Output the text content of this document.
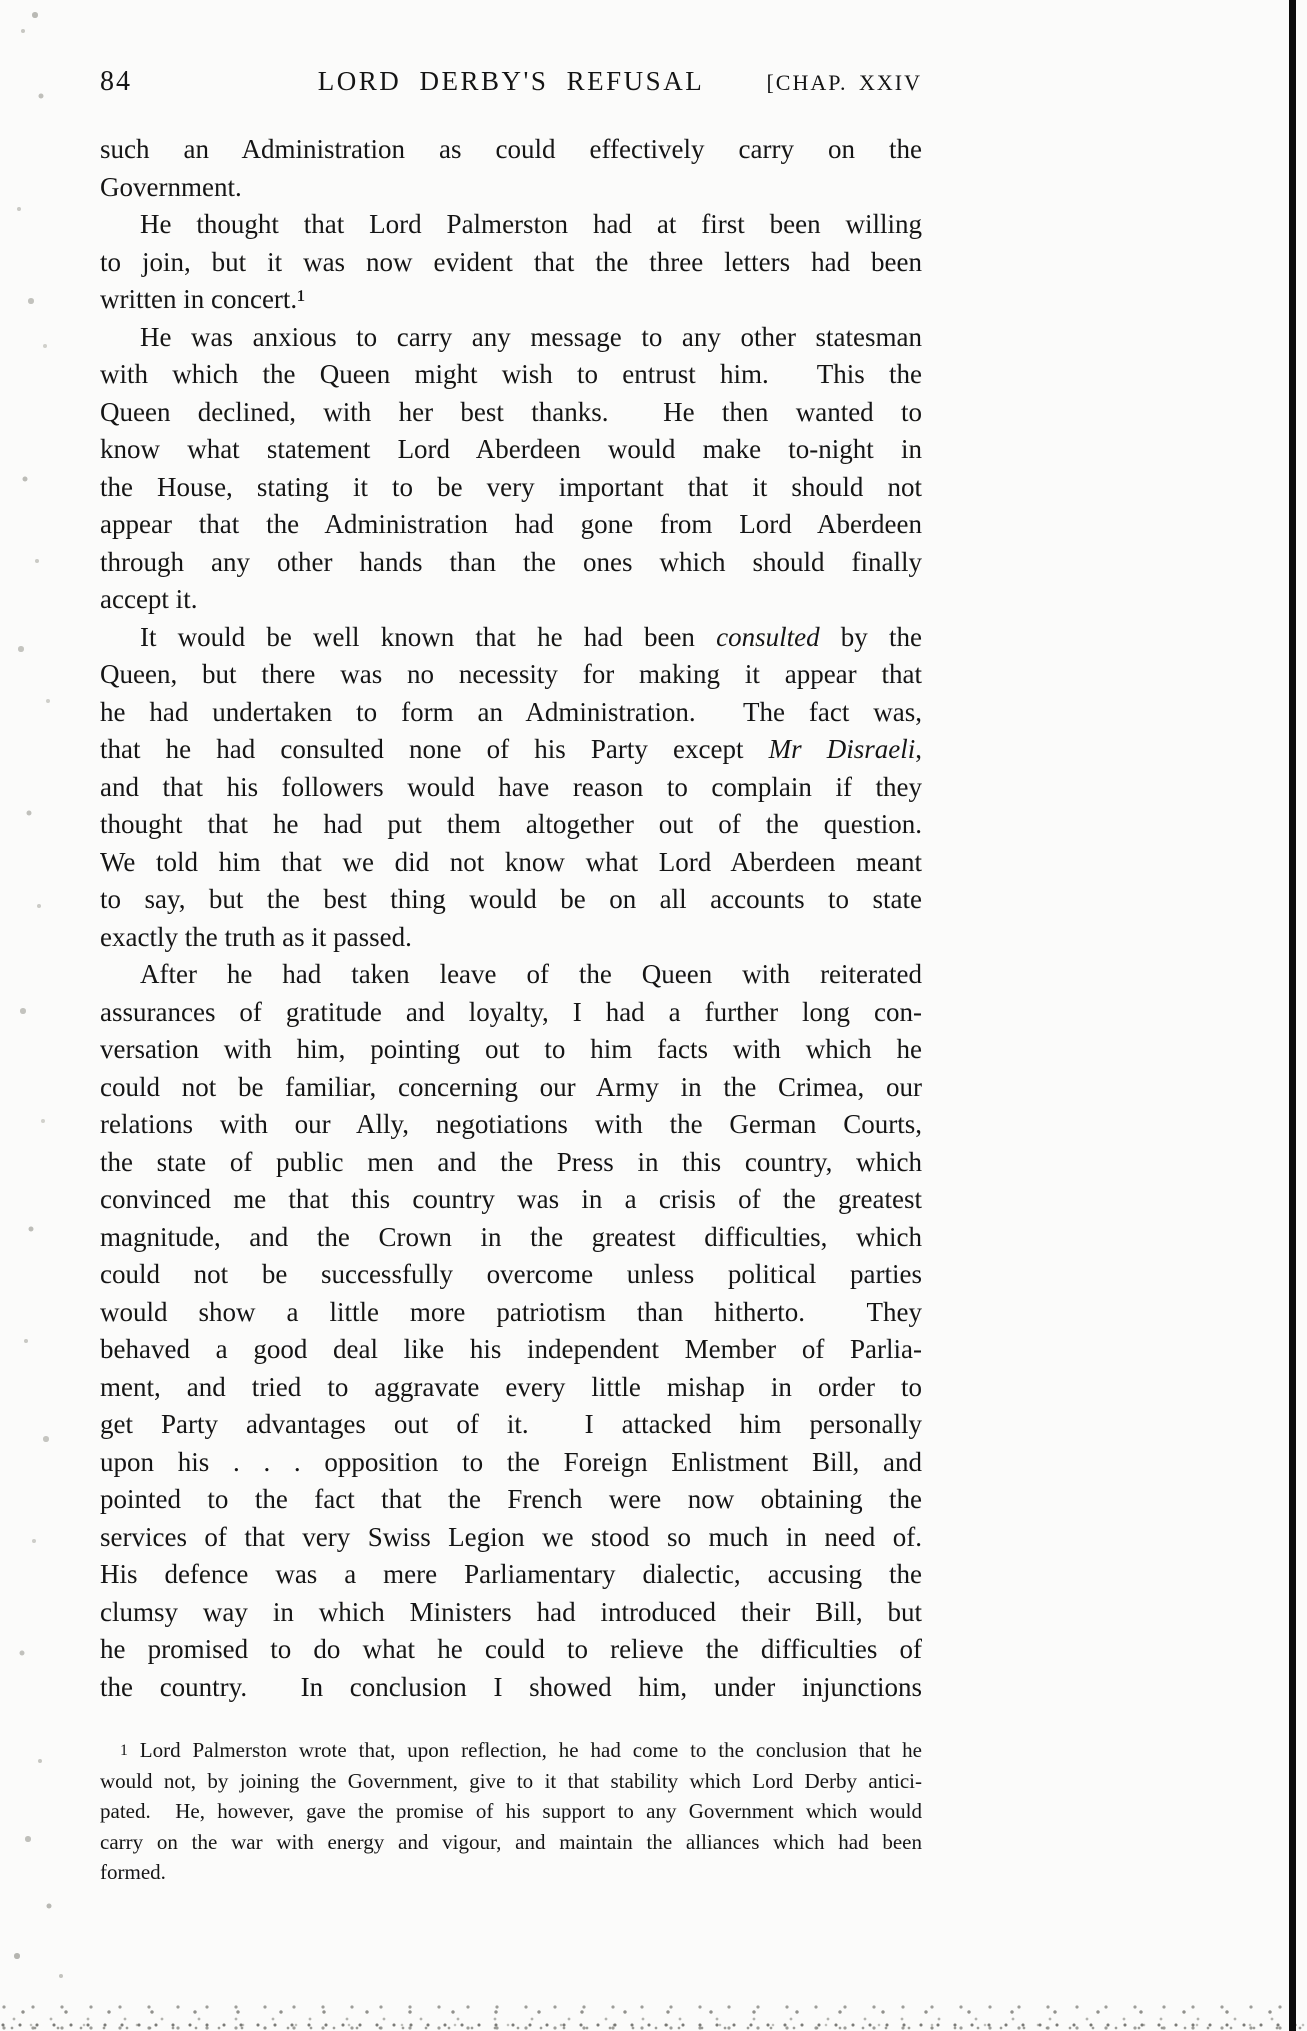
84	LORD DERBY'S REFUSAL	[CHAP. XXIV
such an Administration as could effectively carry on the
Government.
He thought that Lord Palmerston had at first been willing
to join, but it was now evident that the three letters had been
written in concert.¹
He was anxious to carry any message to any other statesman
with which the Queen might wish to entrust him.  This the
Queen declined, with her best thanks.  He then wanted to
know what statement Lord Aberdeen would make to-night in
the House, stating it to be very important that it should not
appear that the Administration had gone from Lord Aberdeen
through any other hands than the ones which should finally
accept it.
It would be well known that he had been consulted by the
Queen, but there was no necessity for making it appear that
he had undertaken to form an Administration.  The fact was,
that he had consulted none of his Party except Mr Disraeli,
and that his followers would have reason to complain if they
thought that he had put them altogether out of the question.
We told him that we did not know what Lord Aberdeen meant
to say, but the best thing would be on all accounts to state
exactly the truth as it passed.
After he had taken leave of the Queen with reiterated
assurances of gratitude and loyalty, I had a further long con-
versation with him, pointing out to him facts with which he
could not be familiar, concerning our Army in the Crimea, our
relations with our Ally, negotiations with the German Courts,
the state of public men and the Press in this country, which
convinced me that this country was in a crisis of the greatest
magnitude, and the Crown in the greatest difficulties, which
could not be successfully overcome unless political parties
would show a little more patriotism than hitherto.  They
behaved a good deal like his independent Member of Parlia-
ment, and tried to aggravate every little mishap in order to
get Party advantages out of it.  I attacked him personally
upon his . . . opposition to the Foreign Enlistment Bill, and
pointed to the fact that the French were now obtaining the
services of that very Swiss Legion we stood so much in need of.
His defence was a mere Parliamentary dialectic, accusing the
clumsy way in which Ministers had introduced their Bill, but
he promised to do what he could to relieve the difficulties of
the country.  In conclusion I showed him, under injunctions
$^1$ Lord Palmerston wrote that, upon reflection, he had come to the conclusion that he
would not, by joining the Government, give to it that stability which Lord Derby antici-
pated.  He, however, gave the promise of his support to any Government which would
carry on the war with energy and vigour, and maintain the alliances which had been
formed.
